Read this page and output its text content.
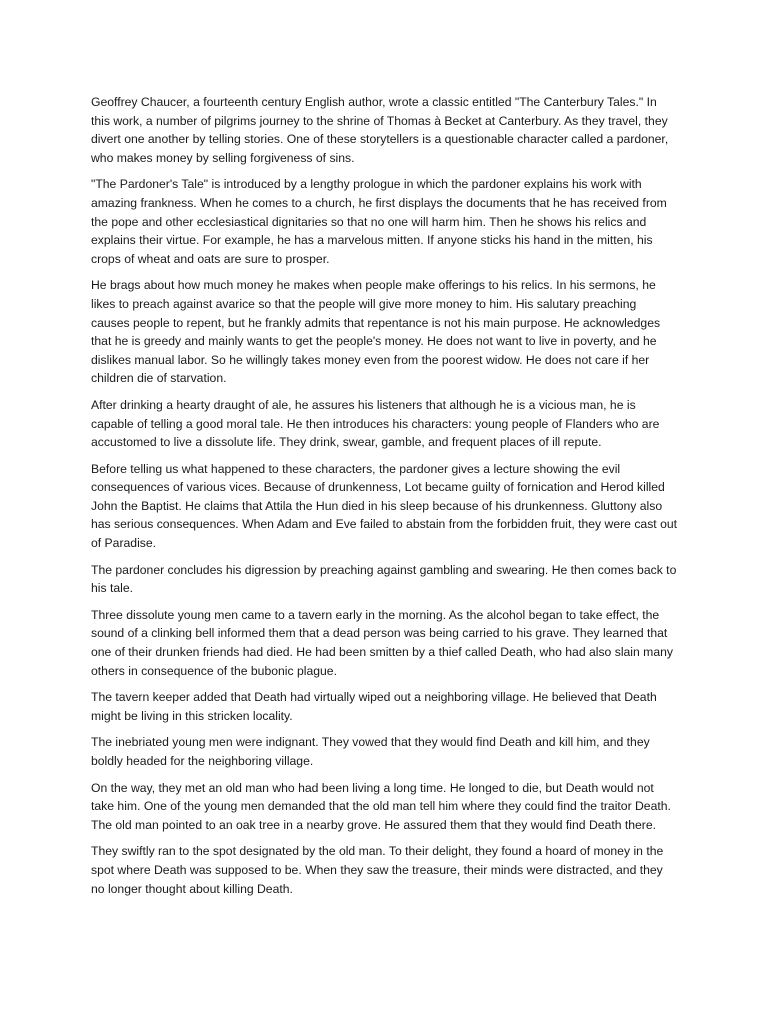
Geoffrey Chaucer, a fourteenth century English author, wrote a classic entitled "The Canterbury Tales." In this work, a number of pilgrims journey to the shrine of Thomas à Becket at Canterbury. As they travel, they divert one another by telling stories. One of these storytellers is a questionable character called a pardoner, who makes money by selling forgiveness of sins.

"The Pardoner's Tale" is introduced by a lengthy prologue in which the pardoner explains his work with amazing frankness. When he comes to a church, he first displays the documents that he has received from the pope and other ecclesiastical dignitaries so that no one will harm him. Then he shows his relics and explains their virtue. For example, he has a marvelous mitten. If anyone sticks his hand in the mitten, his crops of wheat and oats are sure to prosper.

He brags about how much money he makes when people make offerings to his relics. In his sermons, he likes to preach against avarice so that the people will give more money to him. His salutary preaching causes people to repent, but he frankly admits that repentance is not his main purpose. He acknowledges that he is greedy and mainly wants to get the people's money. He does not want to live in poverty, and he dislikes manual labor. So he willingly takes money even from the poorest widow. He does not care if her children die of starvation.

After drinking a hearty draught of ale, he assures his listeners that although he is a vicious man, he is capable of telling a good moral tale. He then introduces his characters: young people of Flanders who are accustomed to live a dissolute life. They drink, swear, gamble, and frequent places of ill repute.

Before telling us what happened to these characters, the pardoner gives a lecture showing the evil consequences of various vices. Because of drunkenness, Lot became guilty of fornication and Herod killed John the Baptist. He claims that Attila the Hun died in his sleep because of his drunkenness. Gluttony also has serious consequences. When Adam and Eve failed to abstain from the forbidden fruit, they were cast out of Paradise.

The pardoner concludes his digression by preaching against gambling and swearing. He then comes back to his tale.

Three dissolute young men came to a tavern early in the morning. As the alcohol began to take effect, the sound of a clinking bell informed them that a dead person was being carried to his grave. They learned that one of their drunken friends had died. He had been smitten by a thief called Death, who had also slain many others in consequence of the bubonic plague.

The tavern keeper added that Death had virtually wiped out a neighboring village. He believed that Death might be living in this stricken locality.

The inebriated young men were indignant. They vowed that they would find Death and kill him, and they boldly headed for the neighboring village.

On the way, they met an old man who had been living a long time. He longed to die, but Death would not take him. One of the young men demanded that the old man tell him where they could find the traitor Death. The old man pointed to an oak tree in a nearby grove. He assured them that they would find Death there.

They swiftly ran to the spot designated by the old man. To their delight, they found a hoard of money in the spot where Death was supposed to be. When they saw the treasure, their minds were distracted, and they no longer thought about killing Death.
